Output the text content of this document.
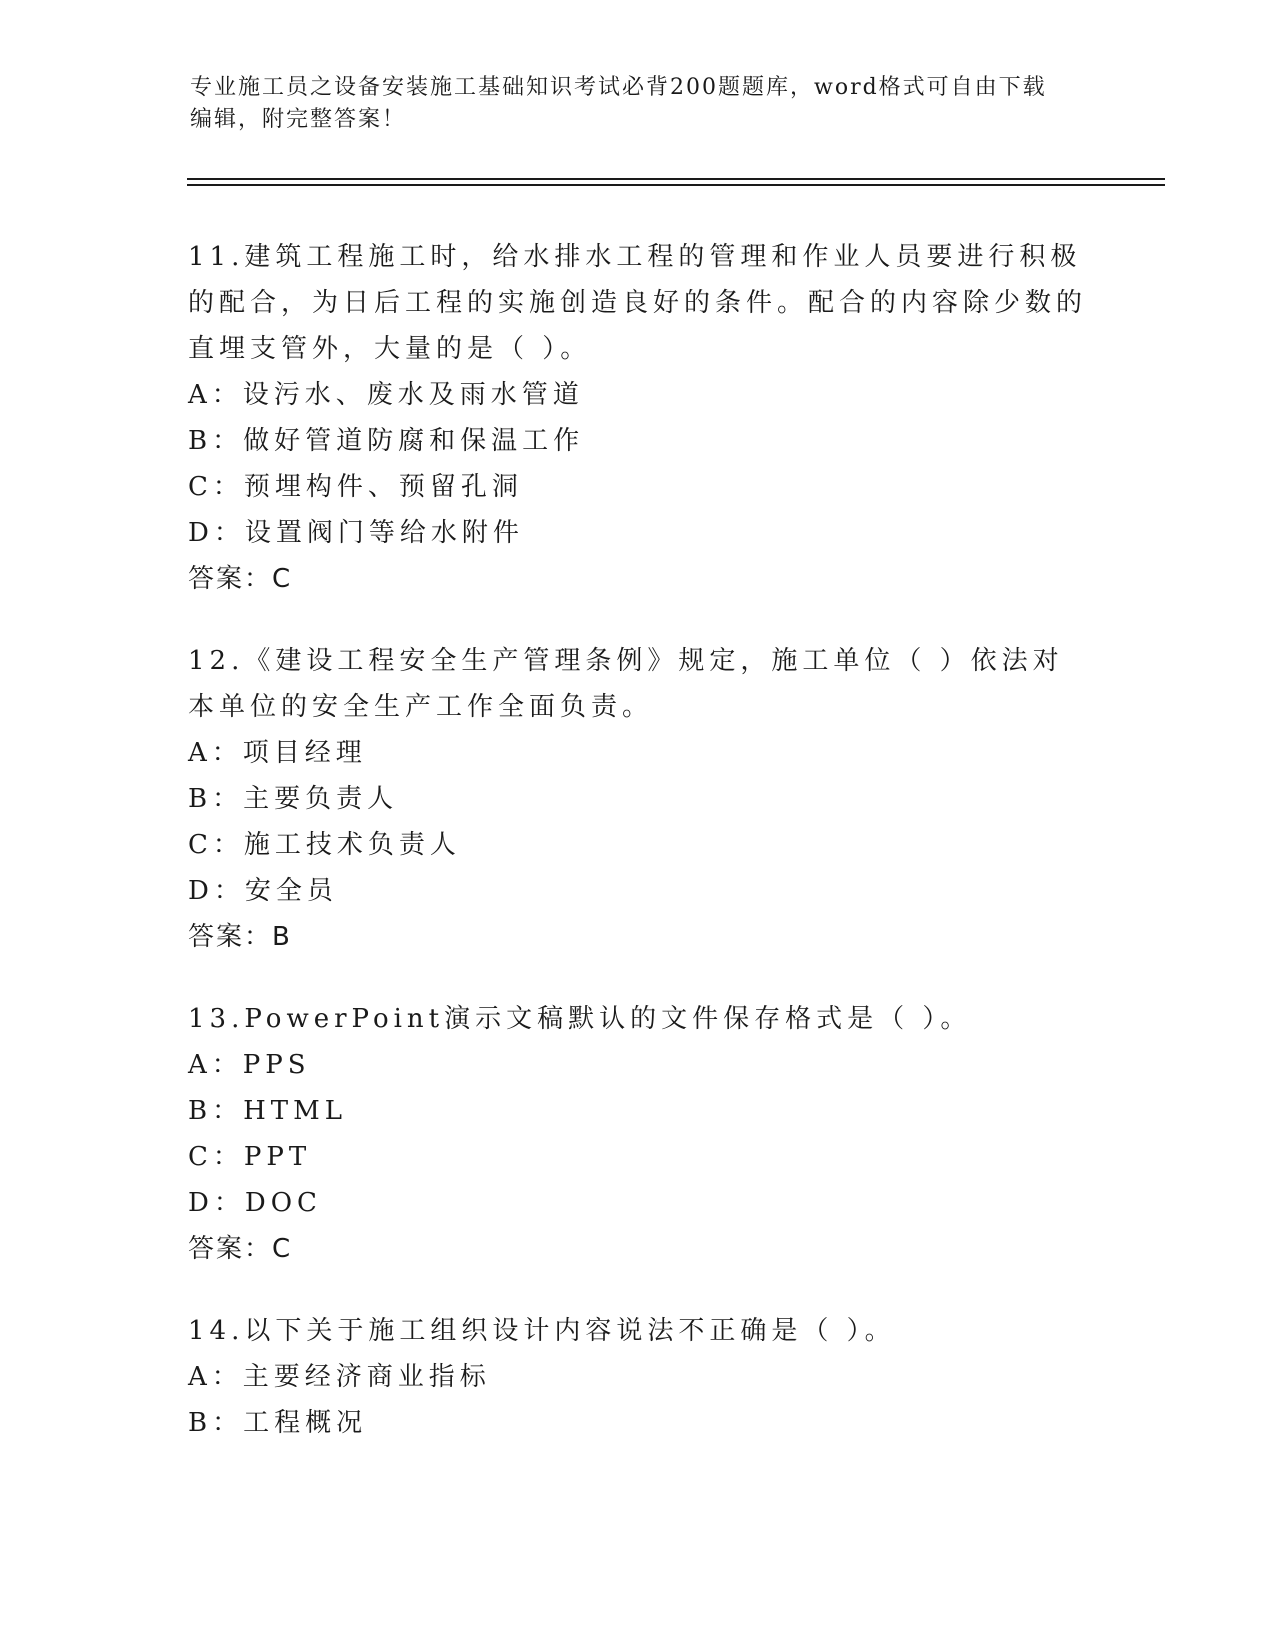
专业施工员之设备安装施工基础知识考试必背200题题库，word格式可自由下载
编辑，附完整答案！
11.建筑工程施工时，给水排水工程的管理和作业人员要进行积极的配合，为日后工程的实施创造良好的条件。配合的内容除少数的直埋支管外，大量的是（ ）。
A：设污水、废水及雨水管道
B：做好管道防腐和保温工作
C：预埋构件、预留孔洞
D：设置阀门等给水附件
答案：C
12.《建设工程安全生产管理条例》规定，施工单位（ ）依法对本单位的安全生产工作全面负责。
A：项目经理
B：主要负责人
C：施工技术负责人
D：安全员
答案：B
13.PowerPoint演示文稿默认的文件保存格式是（ ）。
A：PPS
B：HTML
C：PPT
D：DOC
答案：C
14.以下关于施工组织设计内容说法不正确是（ ）。
A：主要经济商业指标
B：工程概况
